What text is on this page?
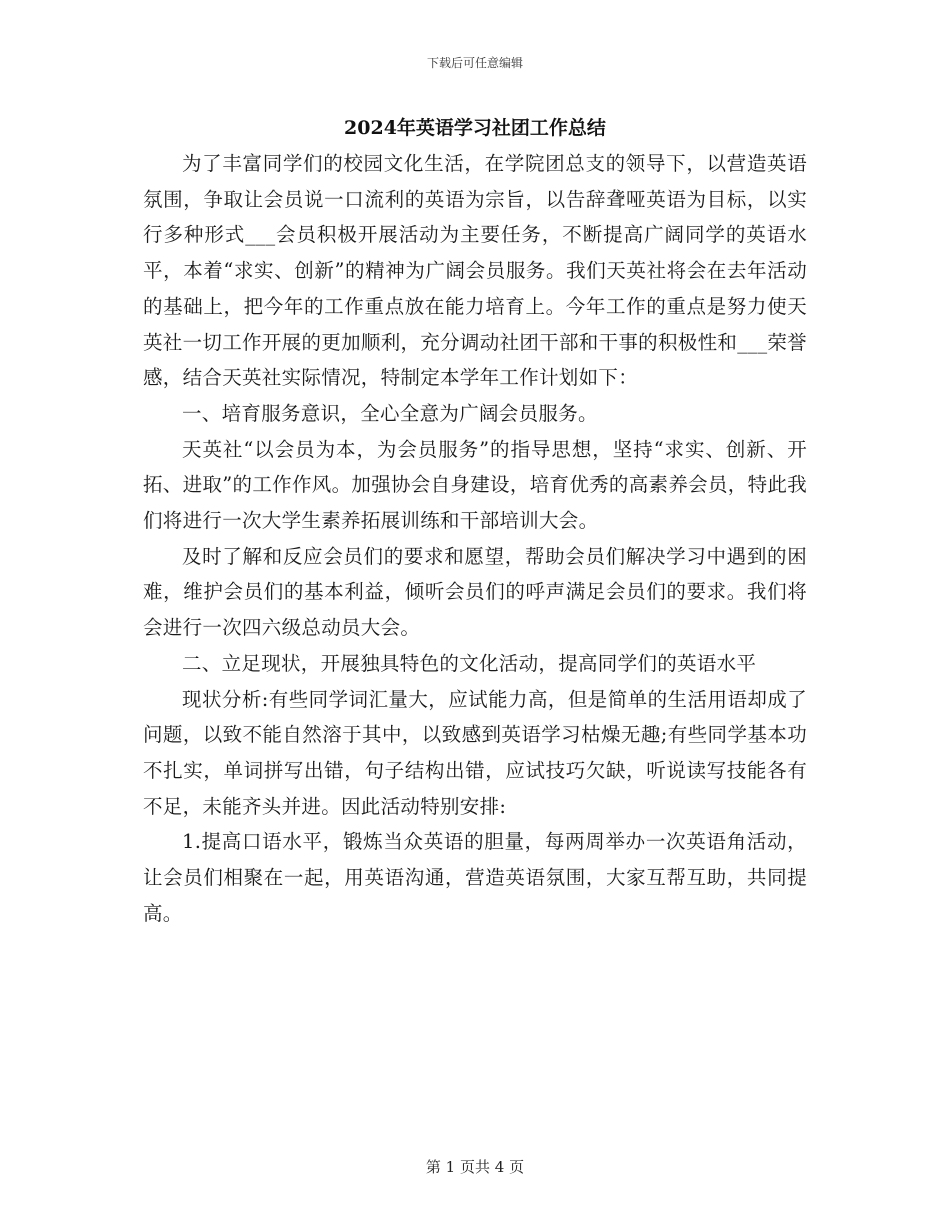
下载后可任意编辑
2024年英语学习社团工作总结

为了丰富同学们的校园文化生活，在学院团总支的领导下，以营造英语氛围，争取让会员说一口流利的英语为宗旨，以告辞聋哑英语为目标，以实行多种形式___会员积极开展活动为主要任务，不断提高广阔同学的英语水平，本着“求实、创新”的精神为广阔会员服务。我们天英社将会在去年活动的基础上，把今年的工作重点放在能力培育上。今年工作的重点是努力使天英社一切工作开展的更加顺利，充分调动社团干部和干事的积极性和___荣誉感，结合天英社实际情况，特制定本学年工作计划如下：

一、培育服务意识，全心全意为广阔会员服务。

天英社“以会员为本，为会员服务”的指导思想，坚持“求实、创新、开拓、进取”的工作作风。加强协会自身建设，培育优秀的高素养会员，特此我们将进行一次大学生素养拓展训练和干部培训大会。

及时了解和反应会员们的要求和愿望，帮助会员们解决学习中遇到的困难，维护会员们的基本利益，倾听会员们的呼声满足会员们的要求。我们将会进行一次四六级总动员大会。

二、立足现状，开展独具特色的文化活动，提高同学们的英语水平

现状分析:有些同学词汇量大，应试能力高，但是简单的生活用语却成了问题，以致不能自然溶于其中，以致感到英语学习枯燥无趣;有些同学基本功不扎实，单词拼写出错，句子结构出错，应试技巧欠缺，听说读写技能各有不足，未能齐头并进。因此活动特别安排:

1.提高口语水平，锻炼当众英语的胆量，每两周举办一次英语角活动，让会员们相聚在一起，用英语沟通，营造英语氛围，大家互帮互助，共同提高。

第 1 页共 4 页
